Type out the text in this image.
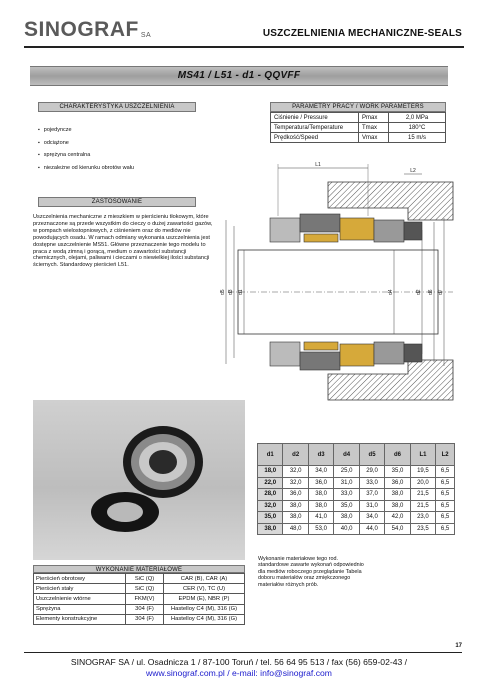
SINOGRAF SA	USZCZELNIENIA MECHANICZNE-SEALS
MS41 / L51 - d1 - QQVFF
CHARAKTERYSTYKA USZCZELNIENIA
▪ pojedyncze
▪ odciążone
▪ sprężyna centralna
▪ niezależne od kierunku obrotów wału
ZASTOSOWANIE
Uszczelnienia mechaniczne z mieszkiem w pierścieniu tłokowym, które przeznaczone są przede wszystkim do cieczy o dużej zawartości gazów, w pompach wielostopniowych, z ciśnieniem oraz do mediów nie powodujących osadu. W ramach odmiany wykonania uszczelnienia jest dostępne uszczelnienie MS51. Główne przeznaczenie tego modelu to praca z wodą zimną i gorącą, medium o zawartości substancji chemicznych, olejami, paliwami i cieczami o niewielkiej ilości substancji ściernych. Standardowy pierścień L51.
PARAMETRY PRACY / WORK PARAMETERS
Ciśnienie / Pressure	Pmax	2,0 MPa
Temperatura/Temperature	Tmax	180°C
Prędkość/Speed	Vmax	15 m/s
L1
L2
d5 d3 d1	d4	d2 d6 d7
d1	d2	d3	d4	d5	d6	L1	L2
18,0	32,0	34,0	25,0	29,0	35,0	19,5	6,5
22,0	32,0	36,0	31,0	33,0	36,0	20,0	6,5
28,0	36,0	38,0	33,0	37,0	38,0	21,5	6,5
32,0	38,0	38,0	35,0	31,0	38,0	21,5	6,5
35,0	38,0	41,0	38,0	34,0	42,0	23,0	6,5
38,0	48,0	53,0	40,0	44,0	54,0	23,5	6,5
Wykonanie materiałowe tego rod. standardowe zawarte wykonań odpowiednio dla mediów roboczego przeglądanie Tabela doboru materiałów oraz zmiękczonego materiałów różnych prób.
WYKONANIE MATERIAŁOWE
Pierścień obrotowy	SiC (Q)	CAR (B), CAR (A)
Pierścień stały	SiC (Q)	CER (V), TC (U)
Uszczelnienie wtórne	FKM(V)	EPDM (E), NBR (P)
Sprężyna	304 (F)	Hastelloy C4 (M), 316 (G)
Elementy konstrukcyjne	304 (F)	Hastelloy C4 (M), 316 (G)
17
SINOGRAF SA / ul. Osadnicza 1 / 87-100 Toruń / tel. 56 64 95 513 / fax (56) 659-02-43 /
www.sinograf.com.pl / e-mail: info@sinograf.com
